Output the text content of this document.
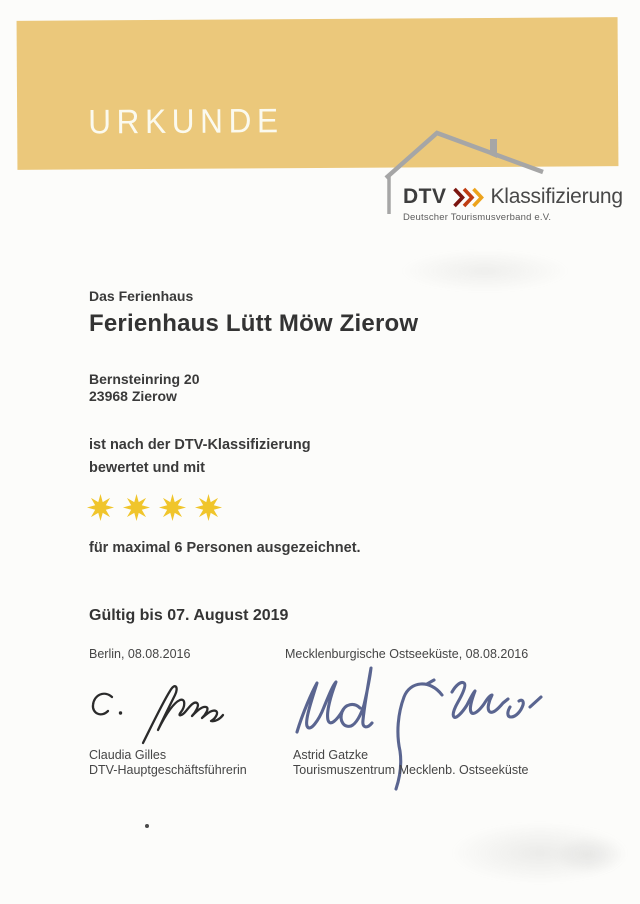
URKUNDE
DTV Klassifizierung
Deutscher Tourismusverband e.V.
Das Ferienhaus
Ferienhaus Lütt Möw Zierow
Bernsteinring 20
23968 Zierow
ist nach der DTV-Klassifizierung
bewertet und mit
für maximal 6 Personen ausgezeichnet.
Gültig bis 07. August 2019
Berlin, 08.08.2016	Mecklenburgische Ostseeküste, 08.08.2016
Claudia Gilles
DTV-Hauptgeschäftsführerin
Astrid Gatzke
Tourismuszentrum Mecklenb. Ostseeküste
